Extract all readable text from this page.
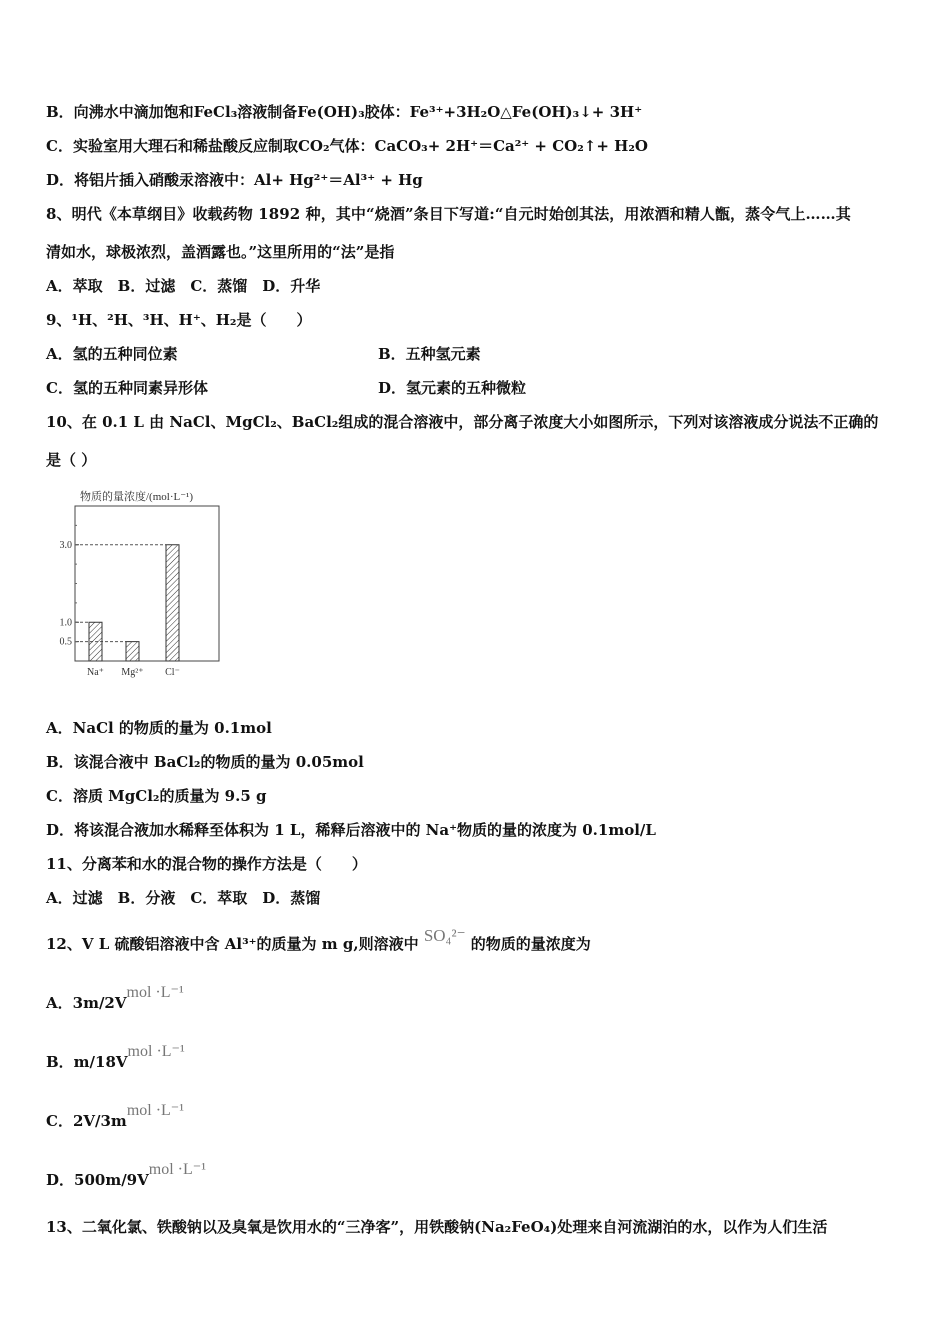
B．向沸水中滴加饱和FeCl₃溶液制备Fe(OH)₃胶体：Fe³⁺+3H₂O△Fe(OH)₃↓+ 3H⁺
C．实验室用大理石和稀盐酸反应制取CO₂气体：CaCO₃+ 2H⁺＝Ca²⁺ + CO₂↑+ H₂O
D．将铝片插入硝酸汞溶液中：Al+ Hg²⁺＝Al³⁺ + Hg
8、明代《本草纲目》收载药物 1892 种，其中“烧酒”条目下写道:“自元时始创其法，用浓酒和精人甑，蒸令气上……其
清如水，球极浓烈，盖酒露也。”这里所用的“法”是指
A．萃取　B．过滤　C．蒸馏　D．升华
9、¹H、²H、³H、H⁺、H₂是（　　）
A．氢的五种同位素	B．五种氢元素
C．氢的五种同素异形体	D．氢元素的五种微粒
10、在 0.1 L 由 NaCl、MgCl₂、BaCl₂组成的混合溶液中，部分离子浓度大小如图所示，下列对该溶液成分说法不正确的
是（ ）
物质的量浓度/(mol·L⁻¹)
3.0
1.0
0.5
Na⁺ Mg²⁺ Cl⁻
A．NaCl 的物质的量为 0.1mol
B．该混合液中 BaCl₂的物质的量为 0.05mol
C．溶质 MgCl₂的质量为 9.5 g
D．将该混合液加水稀释至体积为 1 L，稀释后溶液中的 Na⁺物质的量的浓度为 0.1mol/L
11、分离苯和水的混合物的操作方法是（　　）
A．过滤　B．分液　C．萃取　D．蒸馏
12、V L 硫酸铝溶液中含 Al³⁺的质量为 m g,则溶液中 SO₄²⁻ 的物质的量浓度为
A．3m/2Vmol ·L⁻¹
B．m/18Vmol ·L⁻¹
C．2V/3mmol ·L⁻¹
D．500m/9Vmol ·L⁻¹
13、二氧化氯、铁酸钠以及臭氧是饮用水的“三净客”，用铁酸钠(Na₂FeO₄)处理来自河流湖泊的水，以作为人们生活
